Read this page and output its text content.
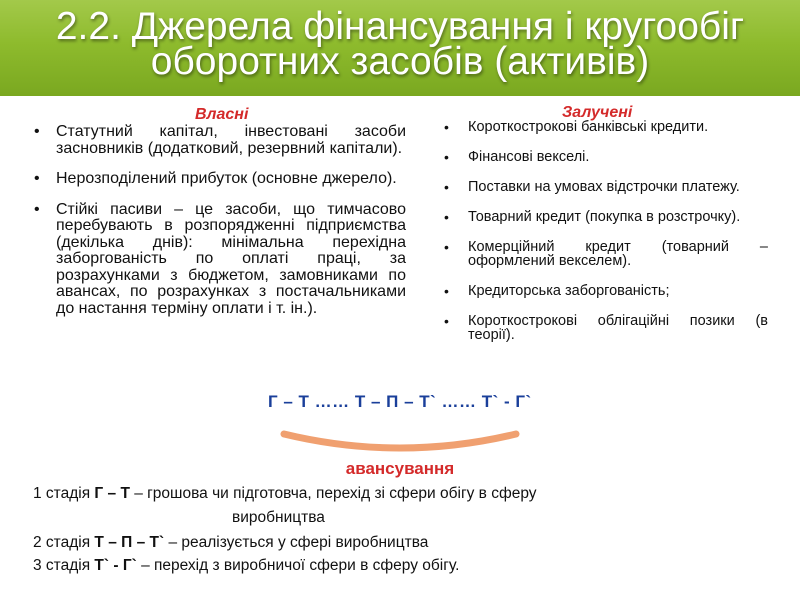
2.2. Джерела фінансування і кругообіг
оборотних засобів (активів)
Власні
• Статутний капітал, інвестовані засоби засновників (додатковий, резервний капітали).
• Нерозподілений прибуток (основне джерело).
• Стійкі пасиви – це засоби, що тимчасово перебувають в розпорядженні підприємства (декілька днів): мінімальна перехідна заборгованість по оплаті праці, за розрахунками з бюджетом, замовниками по авансах, по розрахунках з постачальниками до настання терміну оплати і т. ін.).
Залучені
• Короткострокові банківські кредити.
• Фінансові векселі.
• Поставки на умовах відстрочки платежу.
• Товарний кредит (покупка в розстрочку).
• Комерційний кредит (товарний – оформлений векселем).
• Кредиторська заборгованість;
• Короткострокові облігаційні позики (в теорії).
Г – Т …… Т – П – Т` …… Т` - Г`
авансування
1 стадія Г – Т – грошова чи підготовча, перехід зі сфери обігу в сферу
виробництва
2 стадія Т – П – Т` – реалізується у сфері виробництва
3 стадія Т` - Г` – перехід з виробничої сфери в сферу обігу.
